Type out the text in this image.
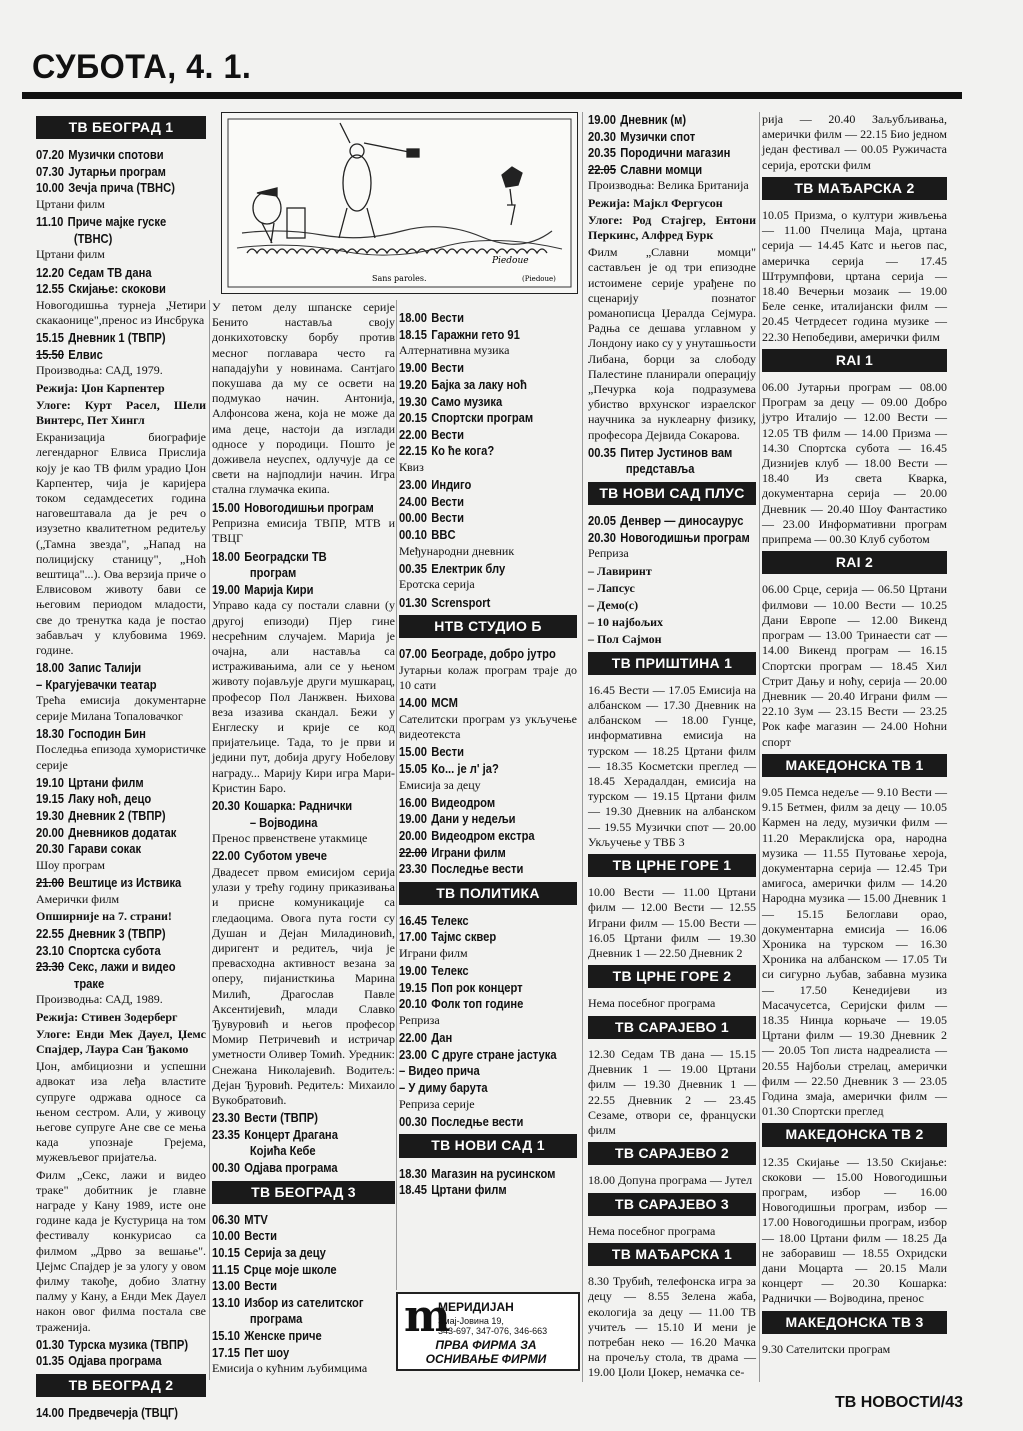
СУБОТА, 4. 1.
Sans paroles.	(Piedoue)
Piedoue
ТВ БЕОГРАД 1
07.20 Музички спотови
07.30 Јутарњи програм
10.00 Зечја прича (ТВНС)
Цртани филм
11.10 Приче мајке гуске
(ТВНС)
Цртани филм
12.20 Седам ТВ дана
12.55 Скијање: скокови
Новогодишња турнеја „Четири скакаонице",пренос из Инсбрука
15.15 Дневник 1 (ТВПР)
15.50 Елвис
Производња: САД, 1979.
Режија: Џон Карпентер
Улоге: Курт Расел, Шели Винтерс, Пет Хингл
Екранизација биографије легендарног Елвиса Прислија коју је као ТВ филм урадио Џон Карпентер, чија је каријера током седамдесетих година наговештавала да је реч о изузетно квалитетном редитељу („Тамна звезда", „Напад на полицијску станицу", „Ноћ вештица"...). Ова верзија приче о Елвисовом животу бави се његовим периодом младости, све до тренутка када је постао забављач у клубовима 1969. године.
18.00 Запис Талији
– Крагујевачки театар
Трећа емисија документарне серије Милана Топаловачког
18.30 Господин Бин
Последња епизода хумористичке серије
19.10 Цртани филм
19.15 Лаку ноћ, децо
19.30 Дневник 2 (ТВПР)
20.00 Дневников додатак
20.30 Гарави сокак
Шоу програм
21.00 Вештице из Иствика
Амерички филм
Опширније на 7. страни!
22.55 Дневник 3 (ТВПР)
23.10 Спортска субота
23.30 Секс, лажи и видео
траке
Производња: САД, 1989.
Режија: Стивен Зодерберг
Улоге: Енди Мек Дауел, Џемс Спајдер, Лаура Сан Ђакомо
Џон, амбициозни и успешни адвокат иза леђа властите супруге одржава односе са њеном сестром. Али, у живоцу његове супруге Ане све се мења када упознаје Грејема, мужевљевог пријатеља.
Филм „Секс, лажи и видео траке" добитник је главне награде у Кану 1989, исте оне године када је Кустурица на том фестивалу конкурисао са филмом „Дрво за вешање". Џејмс Спајдер је за улогу у овом филму такође, добио Златну палму у Кану, а Енди Мек Дауел након овог филма постала све траженија.
01.30 Турска музика (ТВПР)
01.35 Одјава програма
ТВ БЕОГРАД 2
14.00 Предвечерја (ТВЦГ)
У петом делу шпанске серије Бенито наставља своју донкихотовску борбу против месног поглавара често га нападајући у новинама. Сантјаго покушава да му се освети на подмукао начин. Антонија, Алфонсова жена, која не може да има деце, настоји да изглади односе у породици. Пошто је доживела неуспех, одлучује да се свети на најподлији начин. Игра стална глумачка екипа.
15.00 Новогодишњи програм
Репризна емисија ТВПР, МТВ и ТВЦГ
18.00 Београдски ТВ
програм
19.00 Марија Кири
Управо када су постали славни (у другој епизоди) Пјер гине несрећним случајем. Марија је очајна, али наставља са истраживањима, али се у њеном животу појављује други мушкарац, професор Пол Ланжвен. Њихова веза изазива скандал. Бежи у Енглеску и крије се код пријатељице. Тада, то је први и једини пут, добија другу Нобелову награду... Марију Кири игра Мари-Кристин Баро.
20.30 Кошарка: Раднички
– Војводина
Пренос првенствене утакмице
22.00 Суботом увече
Двадесет првом емисијом серија улази у трећу годину приказивања и присне комуникације са гледаоцима. Овога пута гости су Душан и Дејан Миладиновић, диригент и редитељ, чија је превасходна активност везана за оперу, пијанисткиња Марина Милић, Драгослав Павле Аксентијевић, млади Славко Ђувуровић и његов професор Момир Петричевић и истричар уметности Оливер Томић. Уредник: Снежана Николајевић. Водитељ: Дејан Ђуровић. Редитељ: Михаило Вукобратовић.
23.30 Вести (ТВПР)
23.35 Концерт Драгана
Којића Кебе
00.30 Одјава програма
ТВ БЕОГРАД 3
06.30 MTV
10.00 Вести
10.15 Серија за децу
11.15 Срце моје школе
13.00 Вести
13.10 Избор из сателитског
програма
15.10 Женске приче
17.15 Пет шоу
Емисија о кућним љубимцима
18.00 Вести
18.15 Гаражни гето 91
Алтернативна музика
19.00 Вести
19.20 Бајка за лаку ноћ
19.30 Само музика
20.15 Спортски програм
22.00 Вести
22.15 Ко ће кога?
Квиз
23.00 Индиго
24.00 Вести
00.00 Вести
00.10 BBC
Међународни дневник
00.35 Електрик блу
Еротска серија
01.30 Scrensport
НТВ СТУДИО Б
07.00 Београде, добро јутро
Јутарњи колаж програм траје до 10 сати
14.00 MCM
Сателитски програм уз укључење видеотекста
15.00 Вести
15.05 Ко... је л' ја?
Емисија за децу
16.00 Видеодром
19.00 Дани у недељи
20.00 Видеодром екстра
22.00 Играни филм
23.30 Последње вести
ТВ ПОЛИТИКА
16.45 Телекс
17.00 Тајмс сквер
Играни филм
19.00 Телекс
19.15 Поп рок концерт
20.10 Фолк топ године
Репризa
22.00 Дан
23.00 С друге стране јастука
– Видео прича
– У диму барута
Репризa серије
00.30 Последње вести
ТВ НОВИ САД 1
18.30 Магазин на русинском
18.45 Цртани филм
m
МЕРИДИЈАН
Змај-Јовина 19,
343-697, 347-076, 346-663
ПРВА ФИРМА ЗА
ОСНИВАЊЕ ФИРМИ
19.00 Дневник (м)
20.30 Музички спот
20.35 Породични магазин
22.05 Славни момци
Производња: Велика Британија
Режија: Мајкл Фергусон
Улоге: Род Стајгер, Ентони Перкинс, Алфред Бурк
Филм „Славни момци" састављен је од три епизодне истоимене серије урађене по сценарију познатог романописца Џералда Сејмура. Радња се дешава углавном у Лондону иако су у унуташњости Либана, борци за слободу Палестине планирали операцију „Печурка која подразумева убиство врхунског израелског научника за нуклеарну физику, професора Дејвида Сокарова.
00.35 Питер Јустинов вам
представља
ТВ НОВИ САД ПЛУС
20.05 Денвер — диносаурус
20.30 Новогодишњи програм
Репризa
– Лавиринт
– Лапсус
– Демо(с)
– 10 најбољих
– Пол Сајмон
ТВ ПРИШТИНА 1
16.45 Вести — 17.05 Емисија на албанском — 17.30 Дневник на албанском — 18.00 Гунце, информативна емисија на турском — 18.25 Цртани филм — 18.35 Косметски преглед — 18.45 Херадалдан, емисија на турском — 19.15 Цртани филм — 19.30 Дневник на албанском — 19.55 Музички спот — 20.00 Укључење у ТВБ 3
ТВ ЦРНЕ ГОРЕ 1
10.00 Вести — 11.00 Цртани филм — 12.00 Вести — 12.55 Играни филм — 15.00 Вести — 16.05 Цртани филм — 19.30 Дневник 1 — 22.50 Дневник 2
ТВ ЦРНЕ ГОРЕ 2
Нема посебног програма
ТВ САРАЈЕВО 1
12.30 Седам ТВ дана — 15.15 Дневник 1 — 19.00 Цртани филм — 19.30 Дневник 1 — 22.55 Дневник 2 — 23.45 Сезаме, отвори се, француски филм
ТВ САРАЈЕВО 2
18.00 Допуна програма — Јутел
ТВ САРАЈЕВО 3
Нема посебног програма
ТВ МАЂАРСКА 1
8.30 Трубић, телефонска игра за децу — 8.55 Зелена жаба, екологија за децу — 11.00 ТВ учитељ — 15.10 И мени је потребан неко — 16.20 Мачка на прочељу стола, тв драма — 19.00 Џоли Џокер, немачка се-
рија — 20.40 Заљубљивања, амерички филм — 22.15 Био једном један фестивал — 00.05 Ружичаста серија, еротски филм
ТВ МАЂАРСКА 2
10.05 Призма, о култури живљења — 11.00 Пчелица Маја, цртана серија — 14.45 Катс и његов пас, америчка серија — 17.45 Штрумпфови, цртана серија — 18.40 Вечерњи мозаик — 19.00 Беле сенке, италијански филм — 20.45 Четрдесет година музике — 22.30 Непобедиви, амерички филм
RAI 1
06.00 Јутарњи програм — 08.00 Програм за децу — 09.00 Добро јутро Италијо — 12.00 Вести — 12.05 ТВ филм — 14.00 Призма — 14.30 Спортска субота — 16.45 Дизнијев клуб — 18.00 Вести — 18.40 Из света Кварка, документарна серија — 20.00 Дневник — 20.40 Шоу Фантастико — 23.00 Информативни програм припрема — 00.30 Клуб суботом
RAI 2
06.00 Срце, серија — 06.50 Цртани филмови — 10.00 Вести — 10.25 Дани Европе — 12.00 Викенд програм — 13.00 Тринаести сат — 14.00 Викенд програм — 16.15 Спортски програм — 18.45 Хил Стрит Дању и ноћу, серија — 20.00 Дневник — 20.40 Играни филм — 22.10 Зум — 23.15 Вести — 23.25 Рок кафе магазин — 24.00 Ноћни спорт
МАКЕДОНСКА ТВ 1
9.05 Пемса недеље — 9.10 Вести — 9.15 Бетмен, филм за децу — 10.05 Кармен на леду, музички филм — 11.20 Мераклијска ора, народна музика — 11.55 Путовање хероја, документарна серија — 12.45 Три амигоса, амерички филм — 14.20 Народна музика — 15.00 Дневник 1 — 15.15 Белоглави орао, документарна емисија — 16.06 Хроника на турском — 16.30 Хроника на албанском — 17.05 Ти си сигурно љубав, забавна музика — 17.50 Кенедијеви из Масачусетса, Серијски филм — 18.35 Нинџа корњаче — 19.05 Цртани филм — 19.30 Дневник 2 — 20.05 Топ листа надреалиста — 20.55 Најбољи стрелац, амерички филм — 22.50 Дневник 3 — 23.05 Година змаја, амерички филм — 01.30 Спортски преглед
МАКЕДОНСКА ТВ 2
12.35 Скијање — 13.50 Скијање: скокови — 15.00 Новогодишњи програм, избор — 16.00 Новогодишњи програм, избор — 17.00 Новогодишњи програм, избор — 18.00 Цртани филм — 18.25 Да не заборавиш — 18.55 Охридски дани Моцарта — 20.15 Мали концерт — 20.30 Кошарка: Раднички — Војводина, пренос
МАКЕДОНСКА ТВ 3
9.30 Сателитски програм
ТВ НОВОСТИ/43
